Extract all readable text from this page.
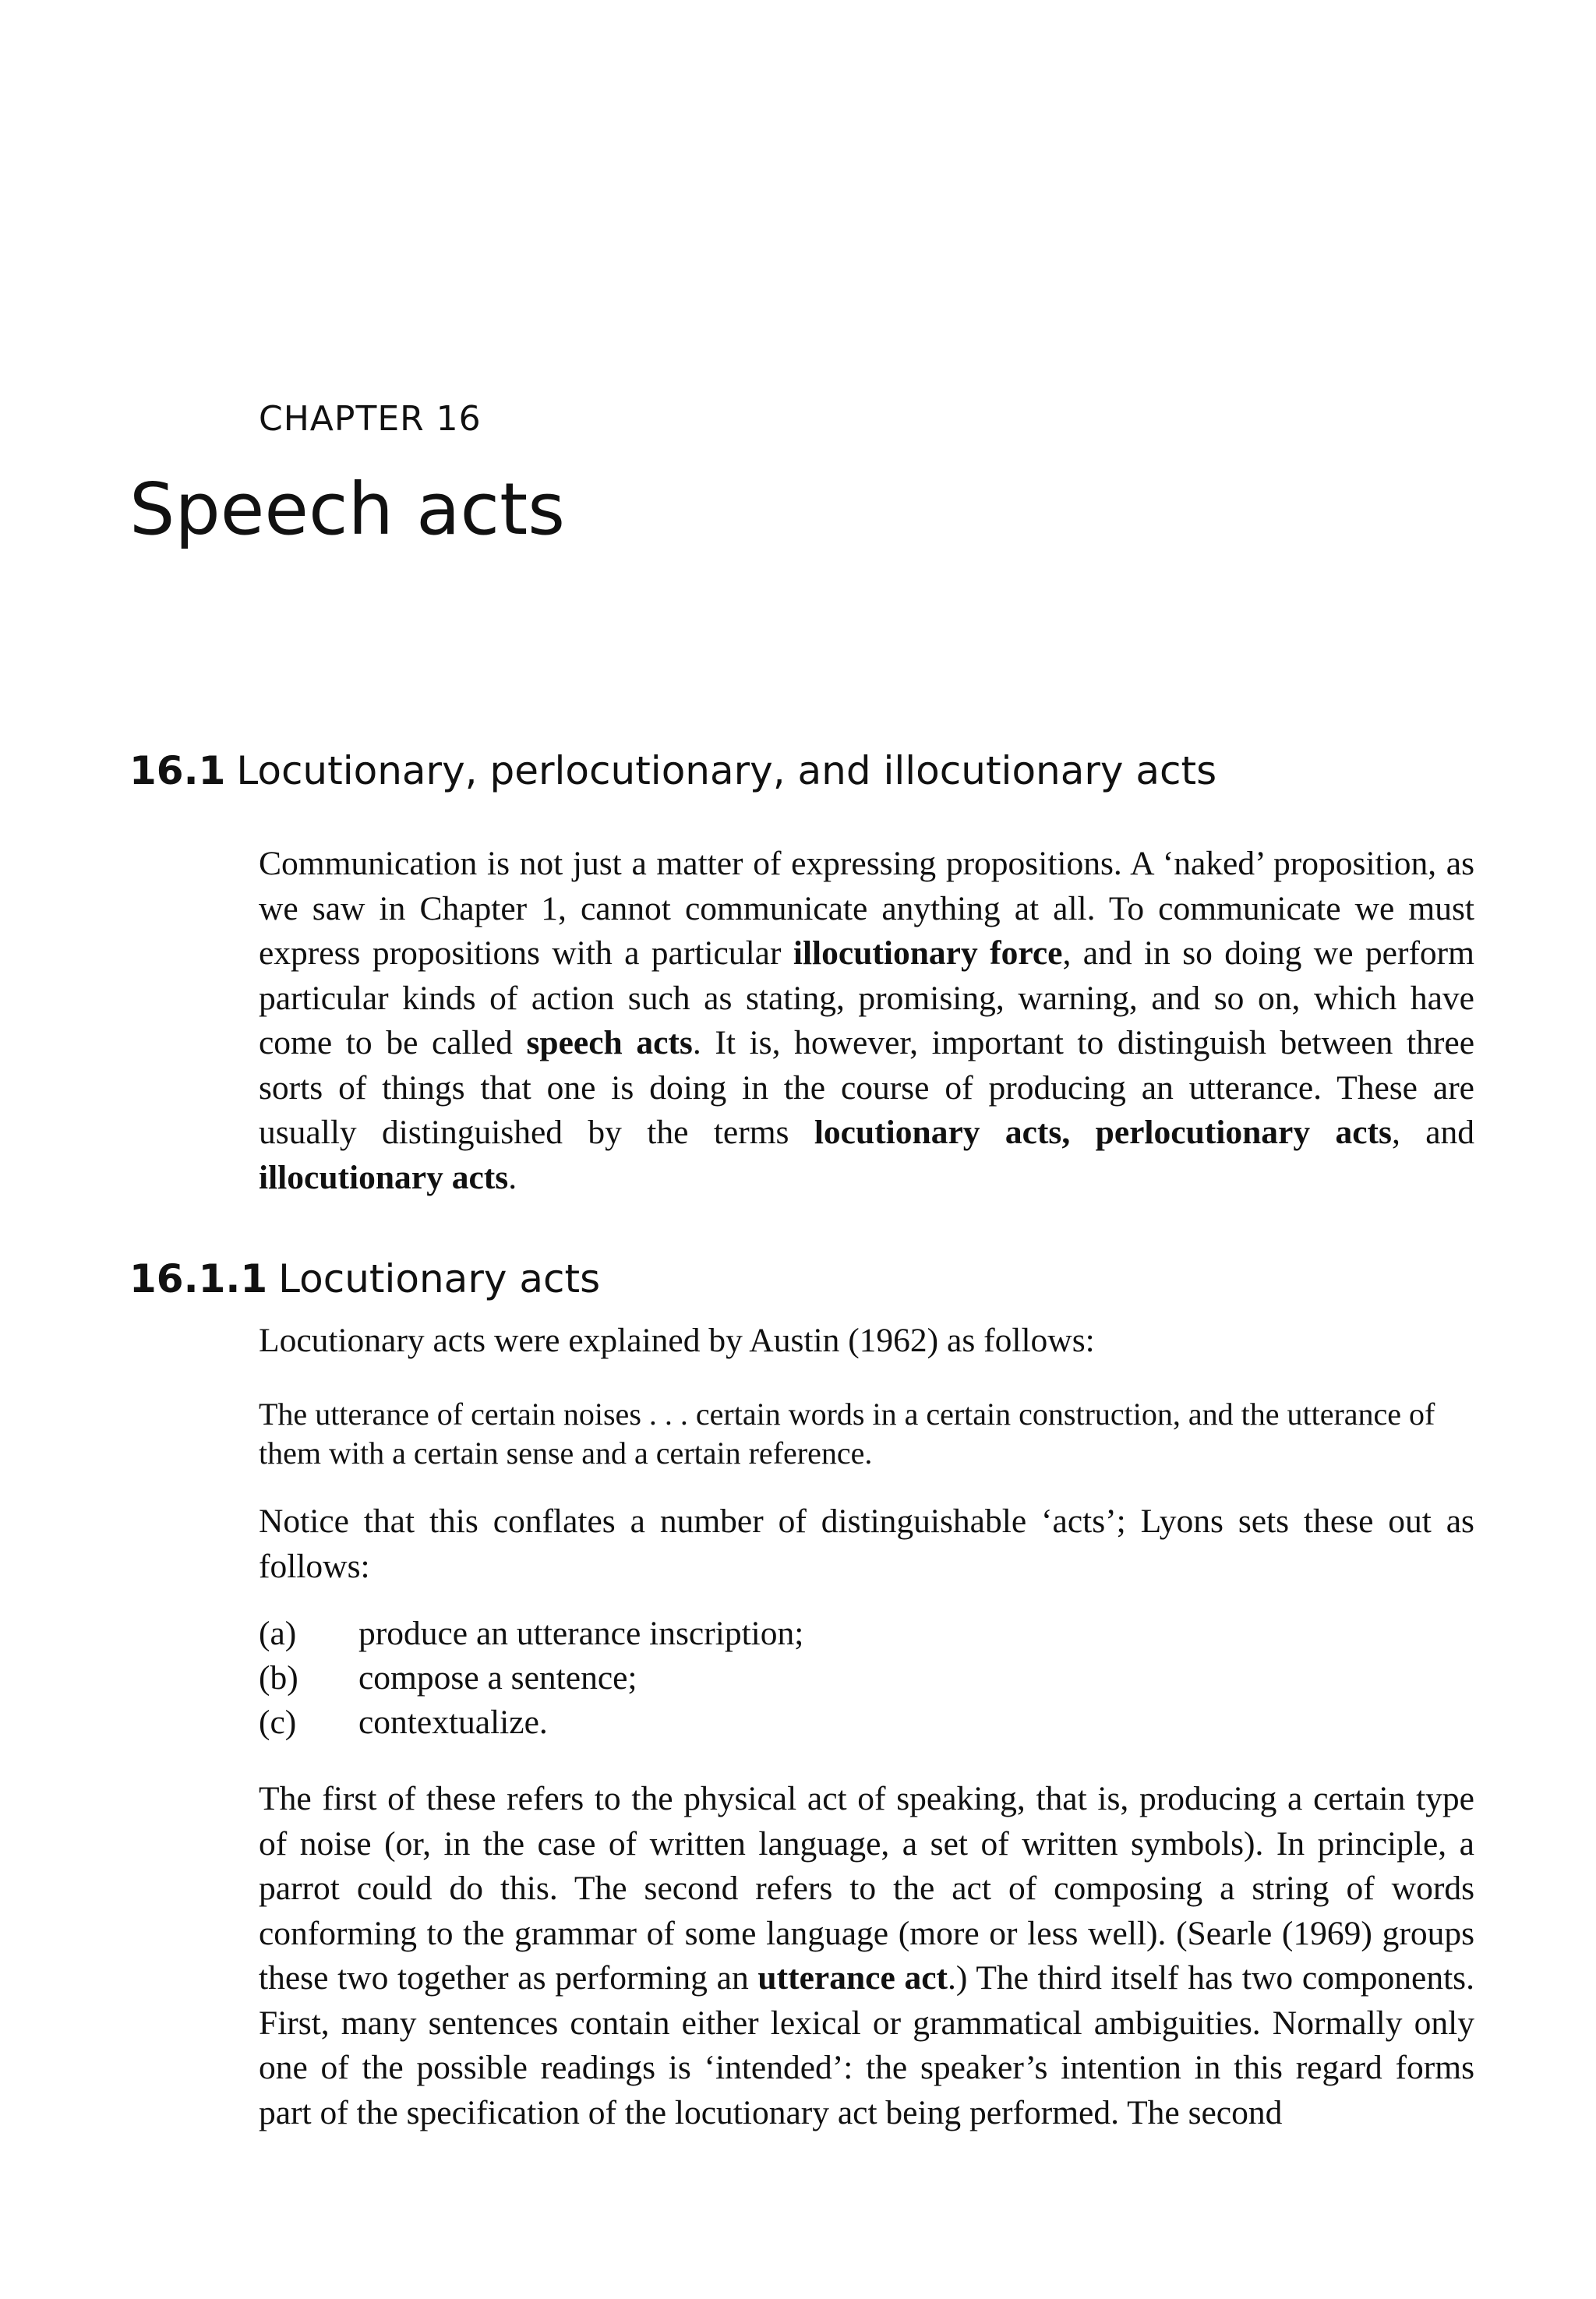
CHAPTER 16
Speech acts
16.1 Locutionary, perlocutionary, and illocutionary acts

Communication is not just a matter of expressing propositions. A ‘naked’ proposition, as we saw in Chapter 1, cannot communicate anything at all. To communicate we must express propositions with a particular illocutionary force, and in so doing we perform particular kinds of action such as stating, promising, warning, and so on, which have come to be called speech acts. It is, however, important to distinguish between three sorts of things that one is doing in the course of producing an utterance. These are usually distinguished by the terms locutionary acts, perlocutionary acts, and illocutionary acts.

16.1.1 Locutionary acts

Locutionary acts were explained by Austin (1962) as follows:

The utterance of certain noises . . . certain words in a certain construction, and the utterance of them with a certain sense and a certain reference.

Notice that this conflates a number of distinguishable ‘acts’; Lyons sets these out as follows:

(a) produce an utterance inscription;
(b) compose a sentence;
(c) contextualize.

The first of these refers to the physical act of speaking, that is, producing a certain type of noise (or, in the case of written language, a set of written symbols). In principle, a parrot could do this. The second refers to the act of composing a string of words conforming to the grammar of some language (more or less well). (Searle (1969) groups these two together as performing an utterance act.) The third itself has two components. First, many sentences contain either lexical or grammatical ambiguities. Normally only one of the possible readings is ‘intended’: the speaker’s intention in this regard forms part of the specification of the locutionary act being performed. The second
